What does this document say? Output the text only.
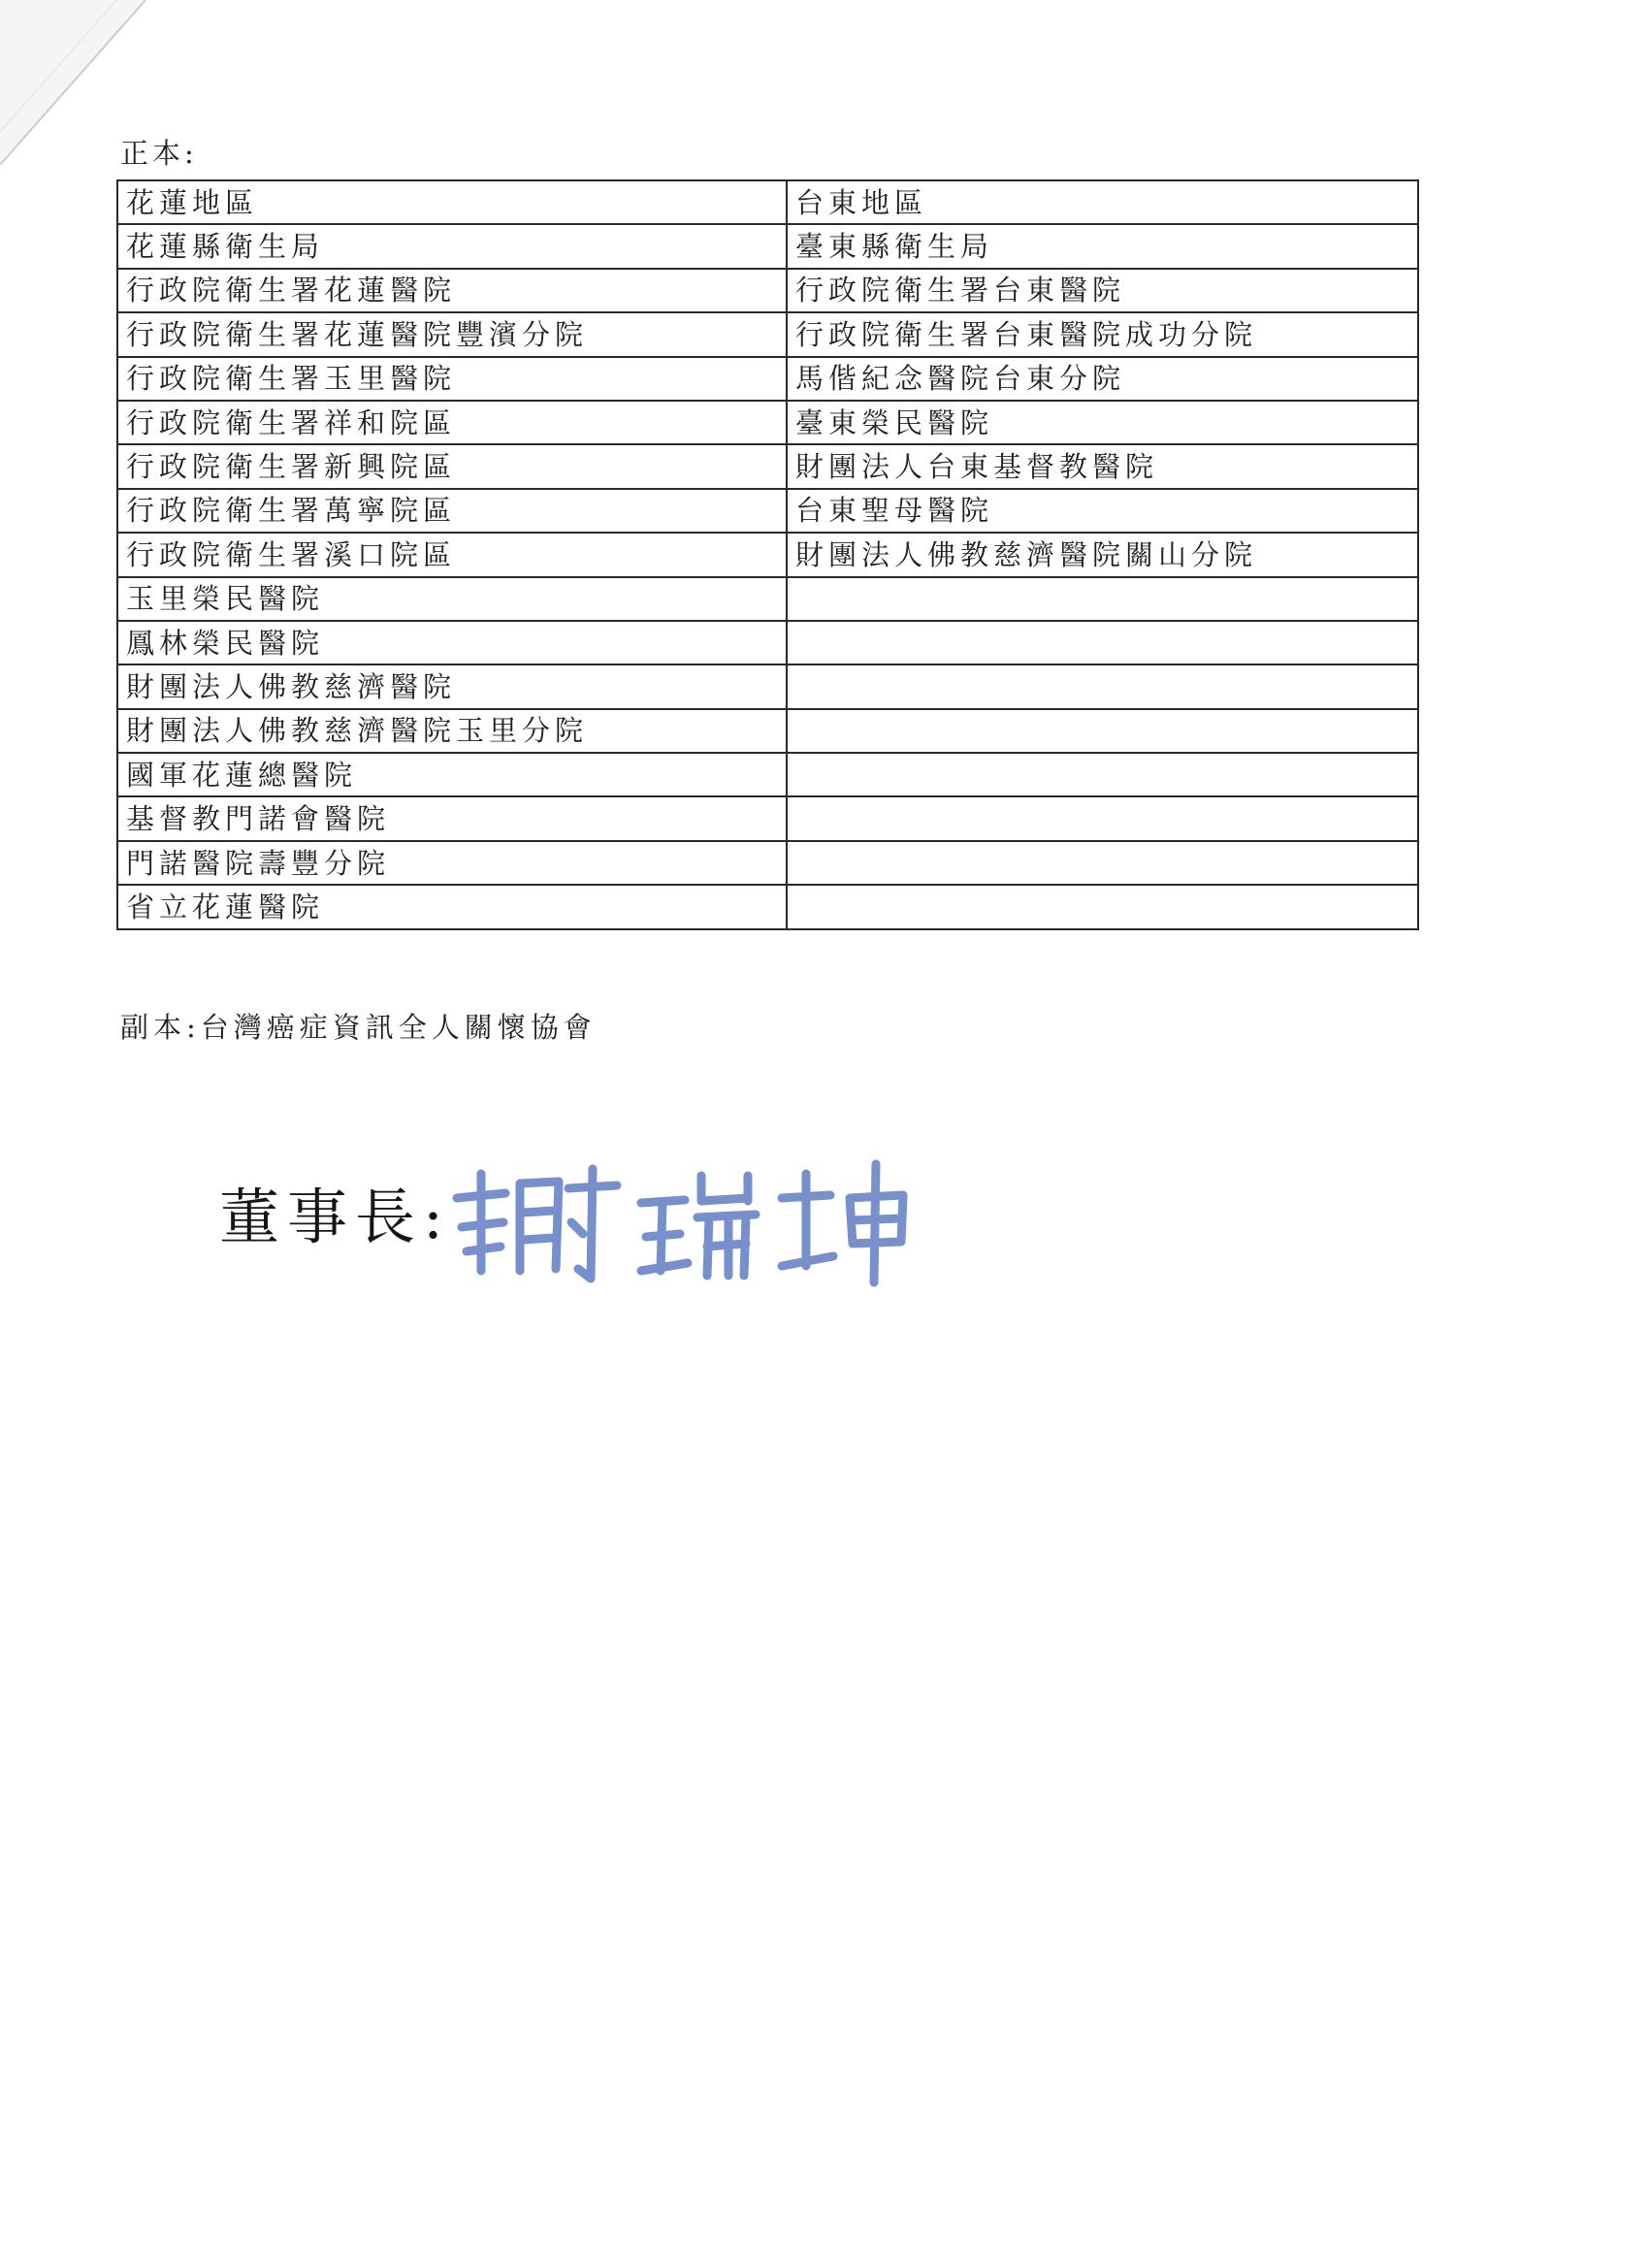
正本:
花蓮地區	台東地區
花蓮縣衛生局	臺東縣衛生局
行政院衛生署花蓮醫院	行政院衛生署台東醫院
行政院衛生署花蓮醫院豐濱分院	行政院衛生署台東醫院成功分院
行政院衛生署玉里醫院	馬偕紀念醫院台東分院
行政院衛生署祥和院區	臺東榮民醫院
行政院衛生署新興院區	財團法人台東基督教醫院
行政院衛生署萬寧院區	台東聖母醫院
行政院衛生署溪口院區	財團法人佛教慈濟醫院關山分院
玉里榮民醫院	
鳳林榮民醫院	
財團法人佛教慈濟醫院	
財團法人佛教慈濟醫院玉里分院	
國軍花蓮總醫院	
基督教門諾會醫院	
門諾醫院壽豐分院	
省立花蓮醫院	
副本:台灣癌症資訊全人關懷協會
董事長:
